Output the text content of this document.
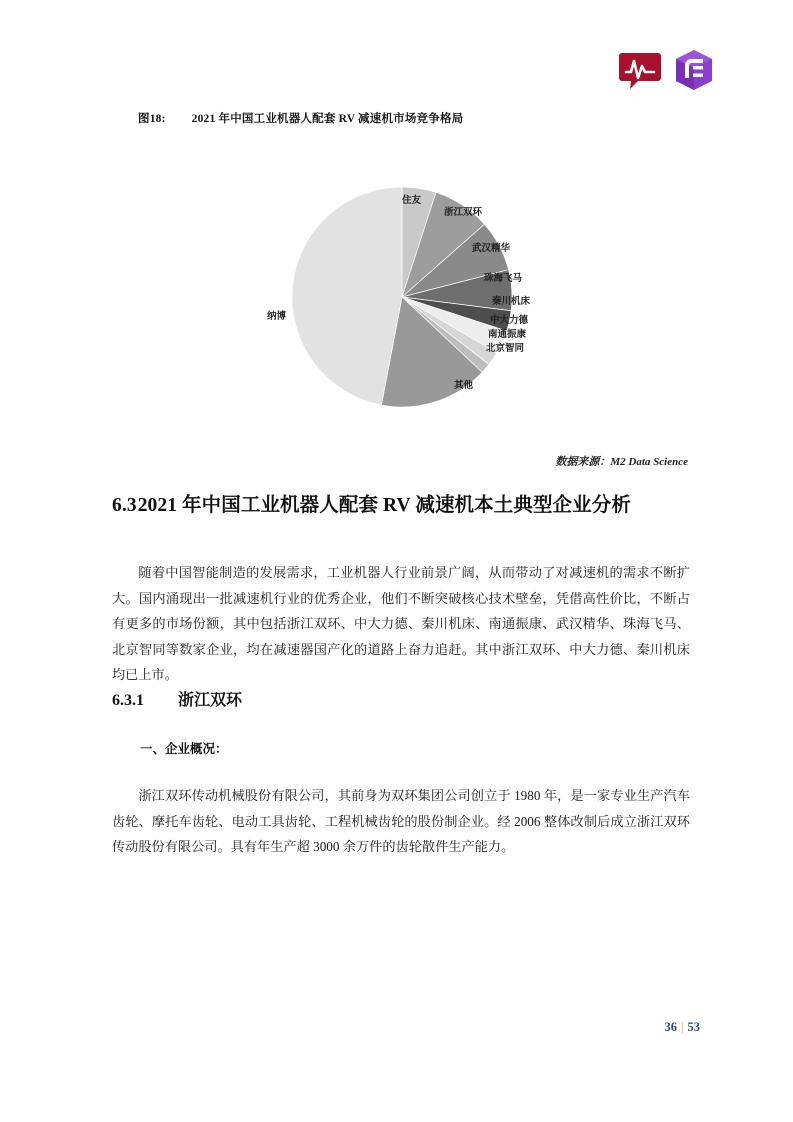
图18: 2021 年中国工业机器人配套 RV 减速机市场竞争格局
住友
浙江双环
武汉精华
珠海飞马
秦川机床
中大力德
南通振康
北京智同
其他
纳博
数据来源：M2 Data Science
6.32021 年中国工业机器人配套 RV 减速机本土典型企业分析

随着中国智能制造的发展需求，工业机器人行业前景广阔，从而带动了对减速机的需求不断扩大。国内涌现出一批减速机行业的优秀企业，他们不断突破核心技术壁垒，凭借高性价比，不断占有更多的市场份额，其中包括浙江双环、中大力德、秦川机床、南通振康、武汉精华、珠海飞马、北京智同等数家企业，均在减速器国产化的道路上奋力追赶。其中浙江双环、中大力德、秦川机床均已上市。

6.3.1 浙江双环
一、企业概况：

浙江双环传动机械股份有限公司，其前身为双环集团公司创立于 1980 年，是一家专业生产汽车齿轮、摩托车齿轮、电动工具齿轮、工程机械齿轮的股份制企业。经 2006 整体改制后成立浙江双环传动股份有限公司。具有年生产超 3000 余万件的齿轮散件生产能力。

36 | 53
